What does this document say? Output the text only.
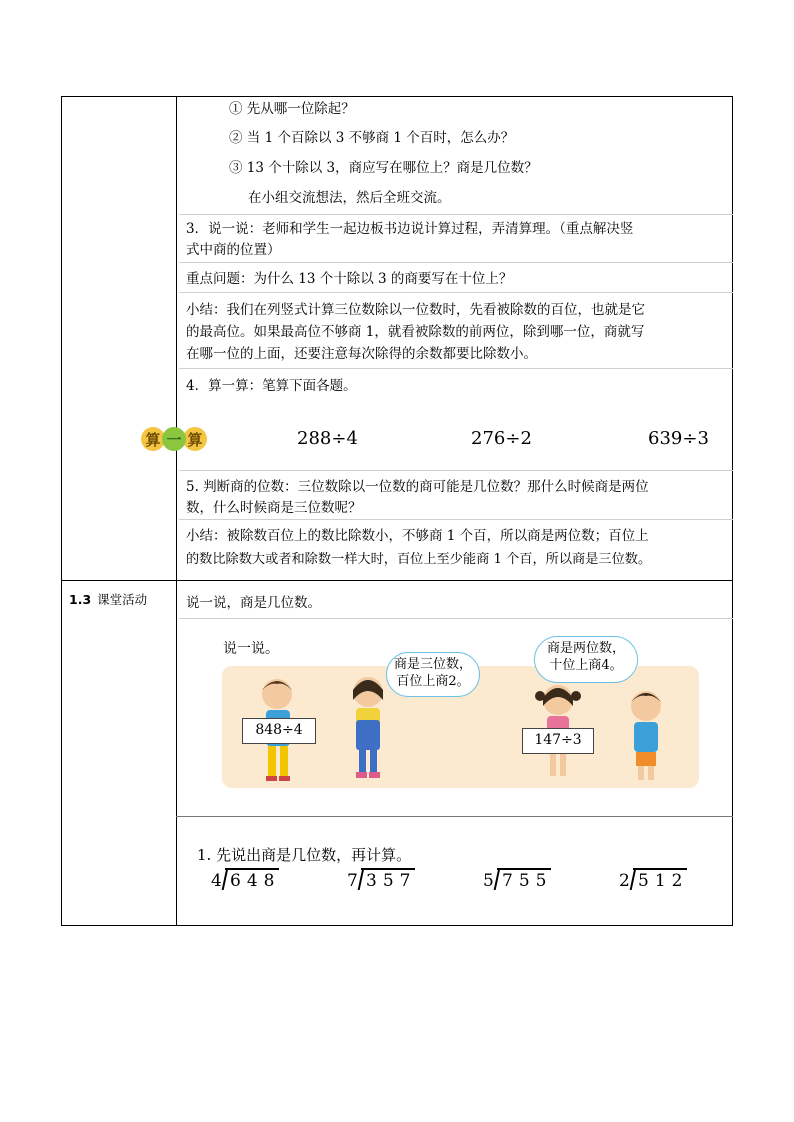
① 先从哪一位除起？
② 当 1 个百除以 3 不够商 1 个百时，怎么办？
③ 13 个十除以 3，商应写在哪位上？商是几位数？
在小组交流想法，然后全班交流。
3．说一说：老师和学生一起边板书边说计算过程，弄清算理。（重点解决竖
式中商的位置）
重点问题：为什么 13 个十除以 3 的商要写在十位上？
小结：我们在列竖式计算三位数除以一位数时，先看被除数的百位，也就是它
的最高位。如果最高位不够商 1，就看被除数的前两位，除到哪一位，商就写
在哪一位的上面，还要注意每次除得的余数都要比除数小。
4．算一算：笔算下面各题。
算 一 算	288÷4	276÷2	639÷3
5. 判断商的位数：三位数除以一位数的商可能是几位数？那什么时候商是两位
数，什么时候商是三位数呢？
小结：被除数百位上的数比除数小，不够商 1 个百，所以商是两位数；百位上
的数比除数大或者和除数一样大时，百位上至少能商 1 个百，所以商是三位数。
1.3 课堂活动	说一说，商是几位数。
说一说。
商是三位数，
百位上商2。
商是两位数，
十位上商4。
848÷4
147÷3
1. 先说出商是几位数，再计算。
4 648	7 357	5 755	2 512
